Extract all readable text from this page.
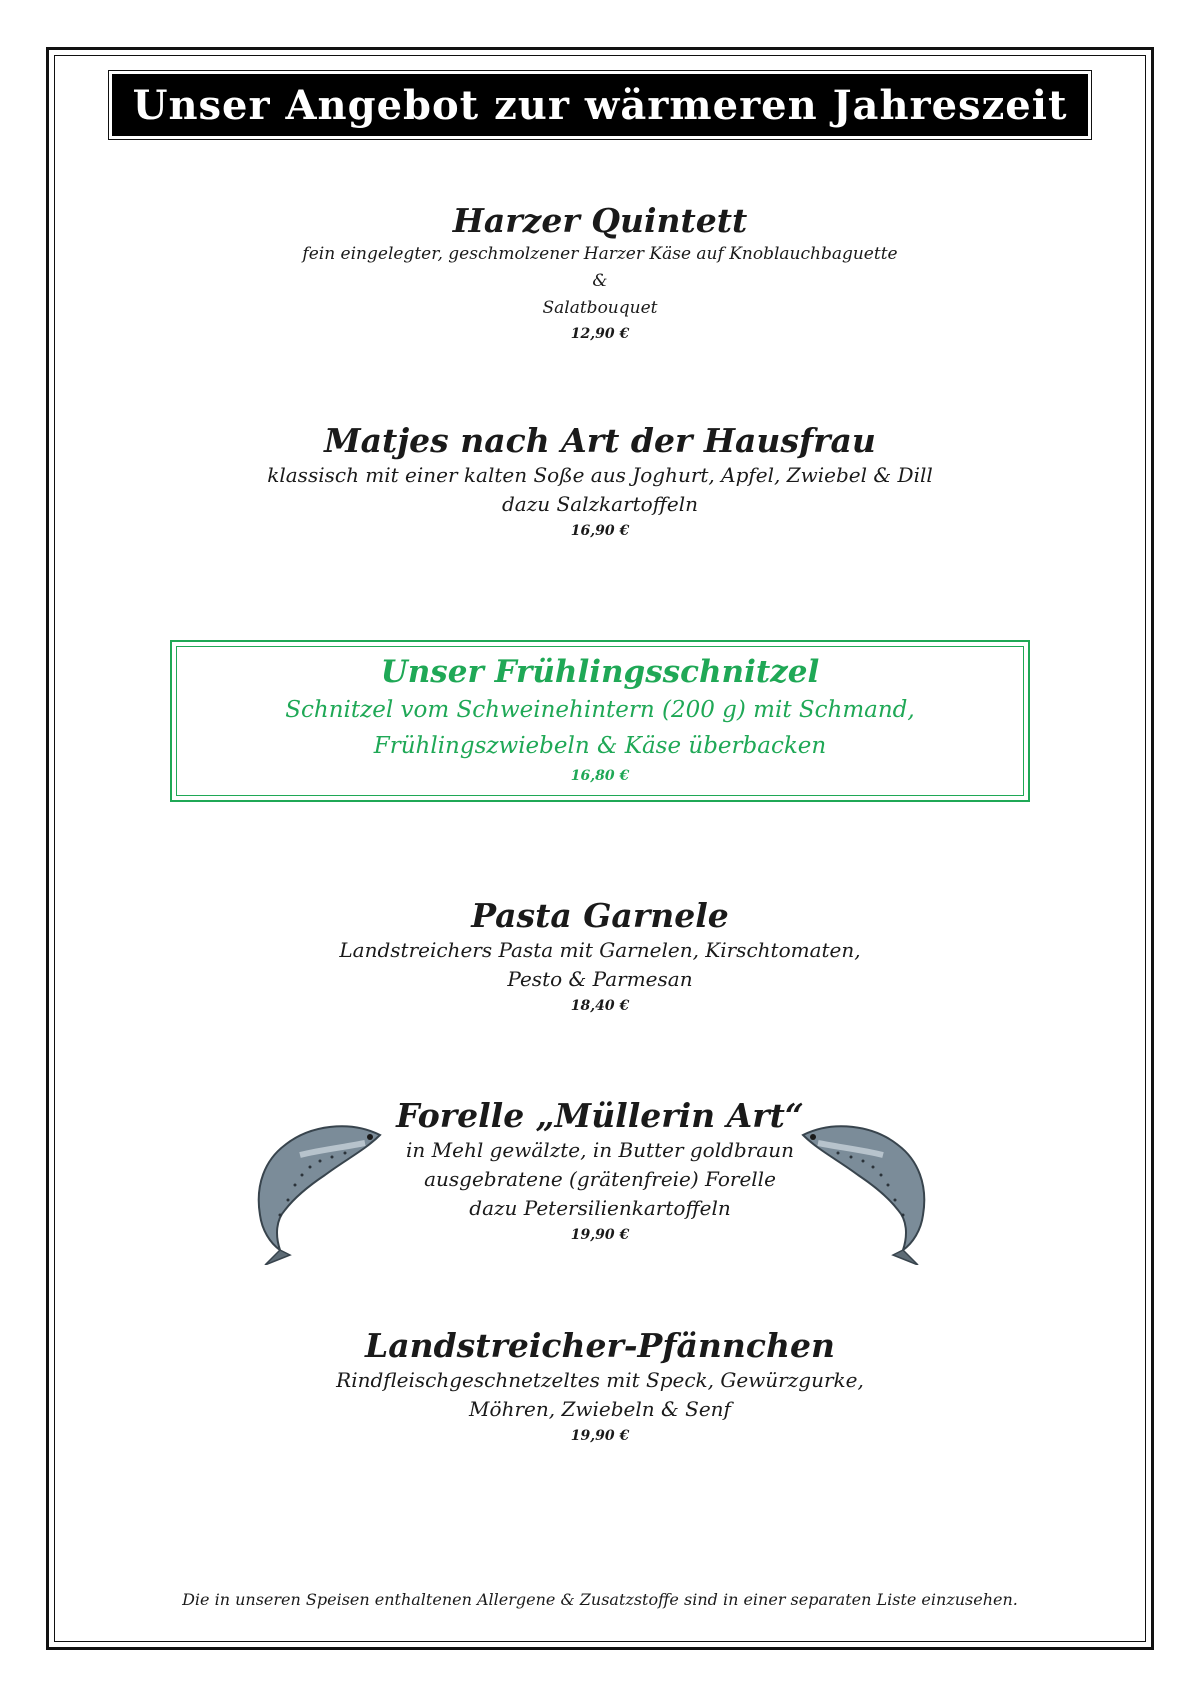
Unser Angebot zur wärmeren Jahreszeit
Harzer Quintett
fein eingelegter, geschmolzener Harzer Käse auf Knoblauchbaguette
&
Salatbouquet
12,90 €
Matjes nach Art der Hausfrau
klassisch mit einer kalten Soße aus Joghurt, Apfel, Zwiebel & Dill
dazu Salzkartoffeln
16,90 €
Unser Frühlingsschnitzel
Schnitzel vom Schweinehintern (200 g) mit Schmand,
Frühlingszwiebeln & Käse überbacken
16,80 €
Pasta Garnele
Landstreichers Pasta mit Garnelen, Kirschtomaten,
Pesto & Parmesan
18,40 €
Forelle „Müllerin Art“
in Mehl gewälzte, in Butter goldbraun
ausgebratene (grätenfreie) Forelle
dazu Petersilienkartoffeln
19,90 €
Landstreicher-Pfännchen
Rindfleischgeschnetzeltes mit Speck, Gewürzgurke,
Möhren, Zwiebeln & Senf
19,90 €
Die in unseren Speisen enthaltenen Allergene & Zusatzstoffe sind in einer separaten Liste einzusehen.
